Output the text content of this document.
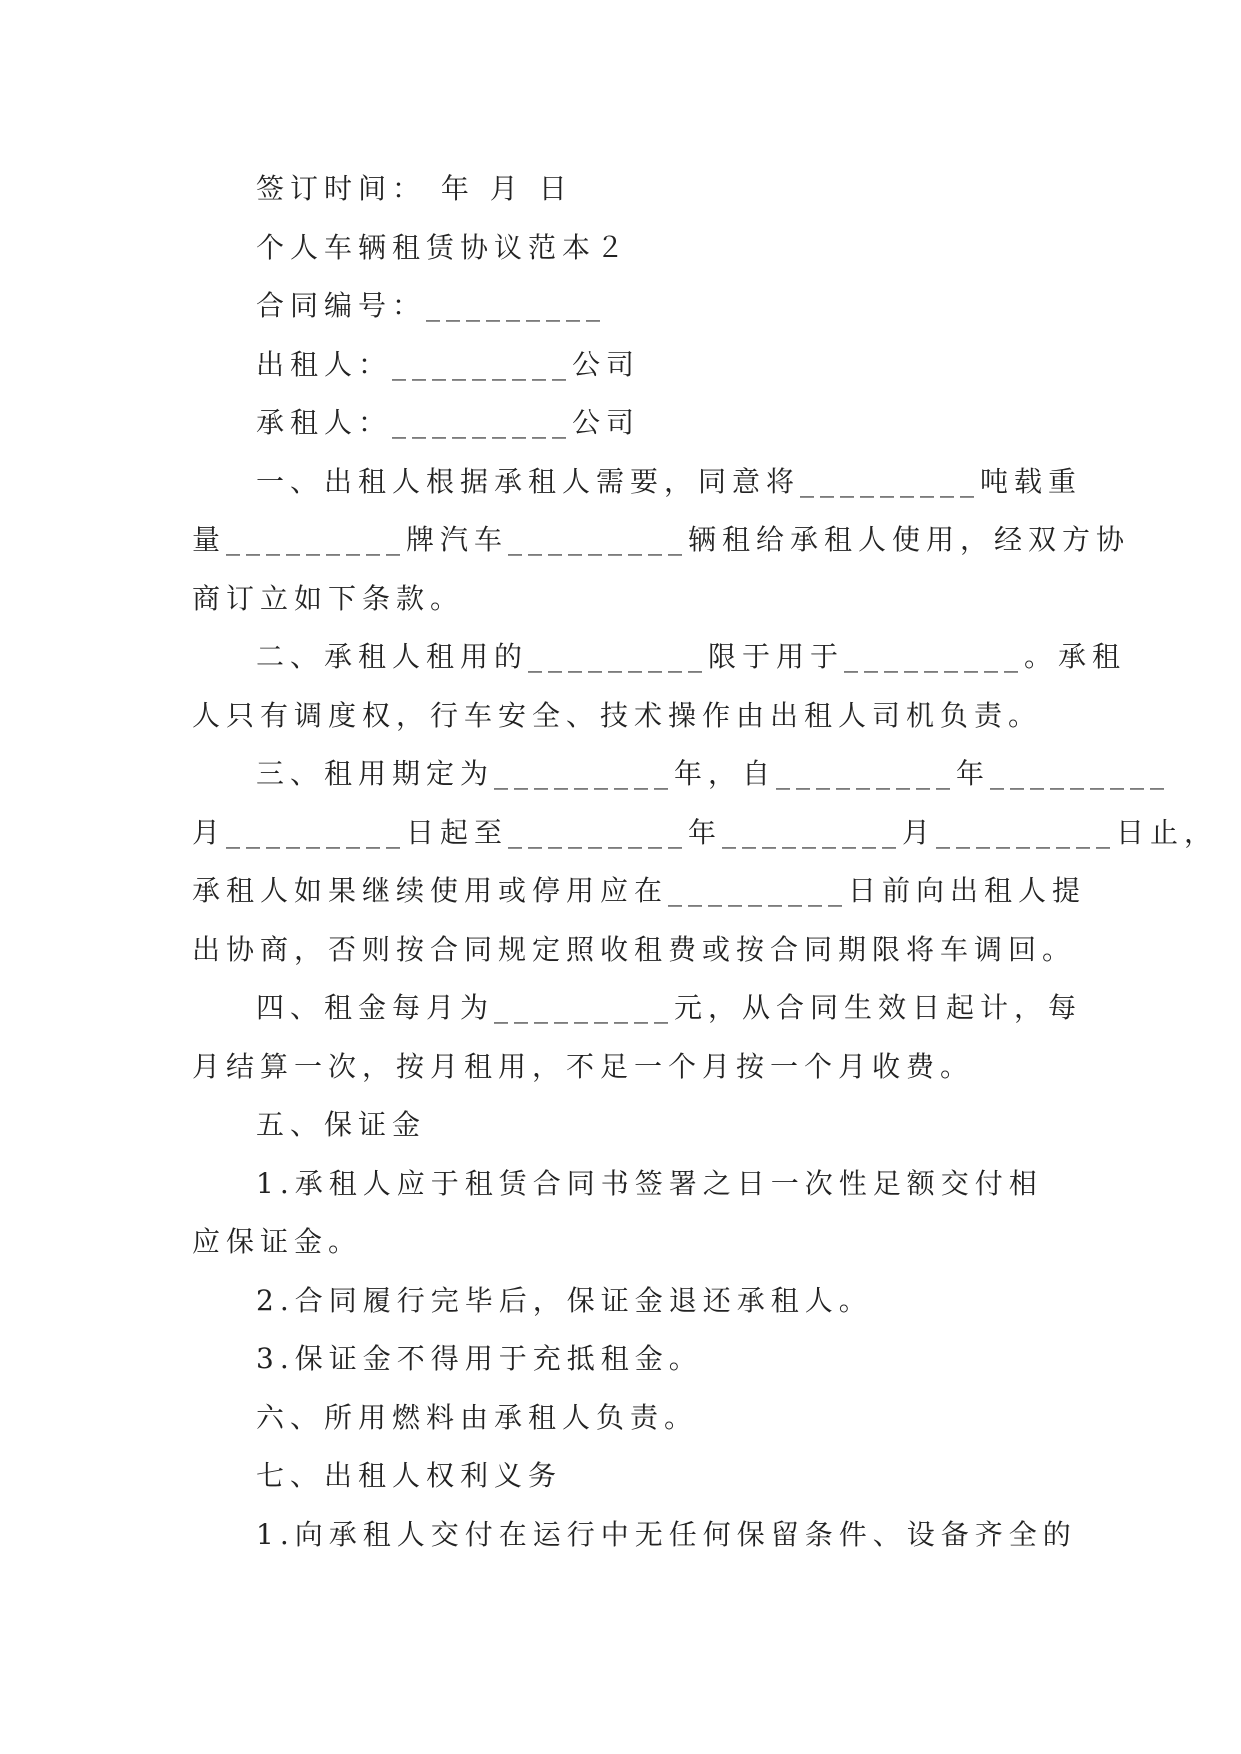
签订时间： 年 月 日
个人车辆租赁协议范本２
合同编号：_________
出租人：_________公司
承租人：_________公司
一、出租人根据承租人需要，同意将_________吨载重
量_________牌汽车_________辆租给承租人使用，经双方协
商订立如下条款。
二、承租人租用的_________限于用于_________。承租
人只有调度权，行车安全、技术操作由出租人司机负责。
三、租用期定为_________年，自_________年_________
月_________日起至_________年_________月_________日止，
承租人如果继续使用或停用应在_________日前向出租人提
出协商，否则按合同规定照收租费或按合同期限将车调回。
四、租金每月为_________元，从合同生效日起计，每
月结算一次，按月租用，不足一个月按一个月收费。
五、保证金
1.承租人应于租赁合同书签署之日一次性足额交付相
应保证金。
2.合同履行完毕后，保证金退还承租人。
3.保证金不得用于充抵租金。
六、所用燃料由承租人负责。
七、出租人权利义务
1.向承租人交付在运行中无任何保留条件、设备齐全的
